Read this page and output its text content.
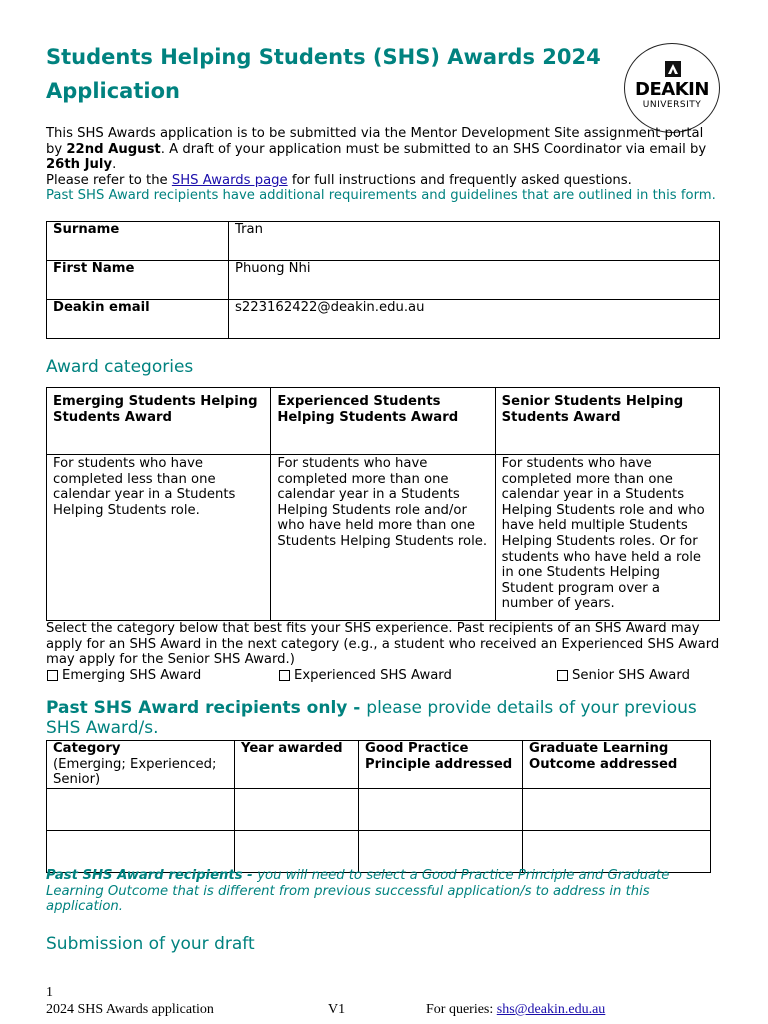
Students Helping Students (SHS) Awards 2024 Application	DEAKIN
UNIVERSITY

This SHS Awards application is to be submitted via the Mentor Development Site assignment portal by 22nd August. A draft of your application must be submitted to an SHS Coordinator via email by 26th July.

Please refer to the SHS Awards page for full instructions and frequently asked questions.

Past SHS Award recipients have additional requirements and guidelines that are outlined in this form.

Surname	Tran
First Name	Phuong Nhi
Deakin email	s223162422@deakin.edu.au
Award categories
Emerging Students Helping Students Award	Experienced Students Helping Students Award	Senior Students Helping Students Award
For students who have completed less than one calendar year in a Students Helping Students role.	For students who have completed more than one calendar year in a Students Helping Students role and/or who have held more than one Students Helping Students role.	For students who have completed more than one calendar year in a Students Helping Students role and who have held multiple Students Helping Students roles. Or for students who have held a role in one Students Helping Student program over a number of years.

Select the category below that best fits your SHS experience. Past recipients of an SHS Award may apply for an SHS Award in the next category (e.g., a student who received an Experienced SHS Award may apply for the Senior SHS Award.)

Emerging SHS Award	Experienced SHS Award	Senior SHS Award
Past SHS Award recipients only - please provide details of your previous SHS Award/s.
Category
(Emerging; Experienced; Senior)	Year awarded	Good Practice Principle addressed	Graduate Learning Outcome addressed

Past SHS Award recipients - you will need to select a Good Practice Principle and Graduate Learning Outcome that is different from previous successful application/s to address in this application.
Submission of your draft
1
2024 SHS Awards application	V1	For queries: shs@deakin.edu.au
